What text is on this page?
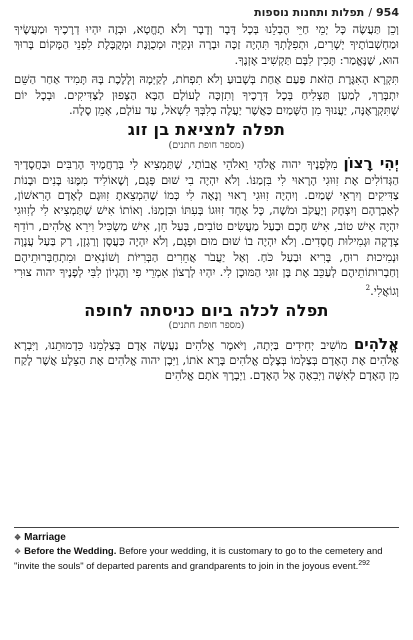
954
/
תפלות ותחנות נוספות

וְכֵן תַּעֲשֶׂה כָּל יְמֵי חַיֵּי הֶבְלֵנוּ בְּכָל דָּבָר וְדָבָר וְלֹא תֶחֱטָא, וּבְזֶה יִהְיוּ דְרָכֶיךָ וּמַעֲשֶׂיךָ וּמַחְשְׁבוֹתֶיךָ יְשָׁרִים, וּתְפִלָּתְךָ תִּהְיֶה זַכָּה וּבָרָה וּנְקִיָּה וּמְכֻוֶּנֶת וּמְקֻבֶּלֶת לִפְנֵי הַמָּקוֹם בָּרוּךְ הוּא, שֶׁנֶּאֱמַר: תָּכִין לִבָּם תַּקְשִׁיב אָזְנֶךָ.

תִּקְרָא הָאִגֶּרֶת הַזֹּאת פַּעַם אַחַת בְּשָׁבוּעַ וְלֹא תִפְחֹת, לְקַיְּמָהּ וְלָלֶכֶת בָּהּ תָּמִיד אַחַר הַשֵּׁם יִתְבָּרַךְ, לְמַעַן תַּצְלִיחַ בְּכָל דְּרָכֶיךָ וְתִזְכֶּה לָעוֹלָם הַבָּא הַצָּפוּן לַצַּדִּיקִים. וּבְכָל יוֹם שֶׁתִּקְרָאֶנָּה, יַעֲנוּךָ מִן הַשָּׁמַיִם כַּאֲשֶׁר יַעֲלֶה בְלִבְּךָ לִשְׁאֹל, עַד עוֹלָם, אָמֵן סֶלָה.

תפלה למציאת בן זוג
(מספר חופת חתנים)

יְהִי רָצוֹן מִלְּפָנֶיךָ יהוה אֱלֹהַי וֵאלֹהֵי אֲבוֹתַי, שֶׁתַּמְצִיא לִי בְּרַחֲמֶיךָ הָרַבִּים וּבַחֲסָדֶיךָ הַגְּדוֹלִים אֶת זִוּוּגִי הָרָאוּי לִי בִּזְמַנּוֹ. וְלֹא יִהְיֶה בִי שׁוּם פְּגָם, וְשֶׁאוֹלִיד מִמֶּנּוּ בָּנִים וּבָנוֹת צַדִּיקִים וְיִרְאֵי שָׁמַיִם. וְיִהְיֶה זִוּוּגִי רָאוּי וְנָאֶה לִי כְּמוֹ שֶׁהִמְצֵאתָ זִוּוּגָם לְאָדָם הָרִאשׁוֹן, לְאַבְרָהָם וְיִצְחָק וְיַעֲקֹב וּמֹשֶׁה, כָּל אֶחָד זִוּוּגוֹ בְּעִתּוֹ וּבִזְמַנּוֹ. וְאוֹתוֹ אִישׁ שֶׁתַּמְצִיא לִי לְזִוּוּגִי יִהְיֶה אִישׁ טוֹב, אִישׁ חָכָם וּבַעַל מַעֲשִׂים טוֹבִים, בַּעַל חֵן, אִישׁ מַשְׂכִּיל וִירֵא אֱלֹהִים, רוֹדֵף צְדָקָה וּגְמִילוּת חֲסָדִים. וְלֹא יִהְיֶה בוֹ שׁוּם מוּם וּפְגָם, וְלֹא יִהְיֶה כַּעֲסָן וְרַגְזָן, רַק בַּעַל עֲנָוָה וּנְמִיכוּת רוּחַ, בָּרִיא וּבַעַל כֹּחַ. וְאַל יַעֲבֹר אֲחֵרִים הַבְּרִיּוֹת וְשׁוֹנְאִים וּמִתְחַבְּרוּתֵיהֶם וְחַבְרוּתוֹתֵיהֶם לְעַכֵּב אֶת בֶּן זוּגִי הַמּוּכָן לִי. יִהְיוּ לְרָצוֹן אִמְרֵי פִי וְהֶגְיוֹן לִבִּי לְפָנֶיךָ יהוה צוּרִי וְגוֹאֲלִי.$^2$

תפלה לכלה ביום כניסתה לחופה
(מספר חופת חתנים)

אֱלֹהִים מוֹשִׁיב יְחִידִים בַּיְתָה, וַיֹּאמֶר אֱלֹהִים נַעֲשֶׂה אָדָם בְּצַלְמֵנוּ כִּדְמוּתֵנוּ, וַיִּבְרָא אֱלֹהִים אֶת הָאָדָם בְּצַלְמוֹ בְּצֶלֶם אֱלֹהִים בָּרָא אֹתוֹ, וַיִּבֶן יהוה אֱלֹהִים אֶת הַצֵּלָע אֲשֶׁר לָקַח מִן הָאָדָם לְאִשָּׁה וַיְבִאֶהָ אֶל הָאָדָם. וַיְבָרֶךְ אֹתָם אֱלֹהִים

❖ Marriage
❖ Before the Wedding. Before your wedding, it is customary to go to the cemetery and "invite the souls" of departed parents and grandparents to join in the joyous event.$^{292}$
